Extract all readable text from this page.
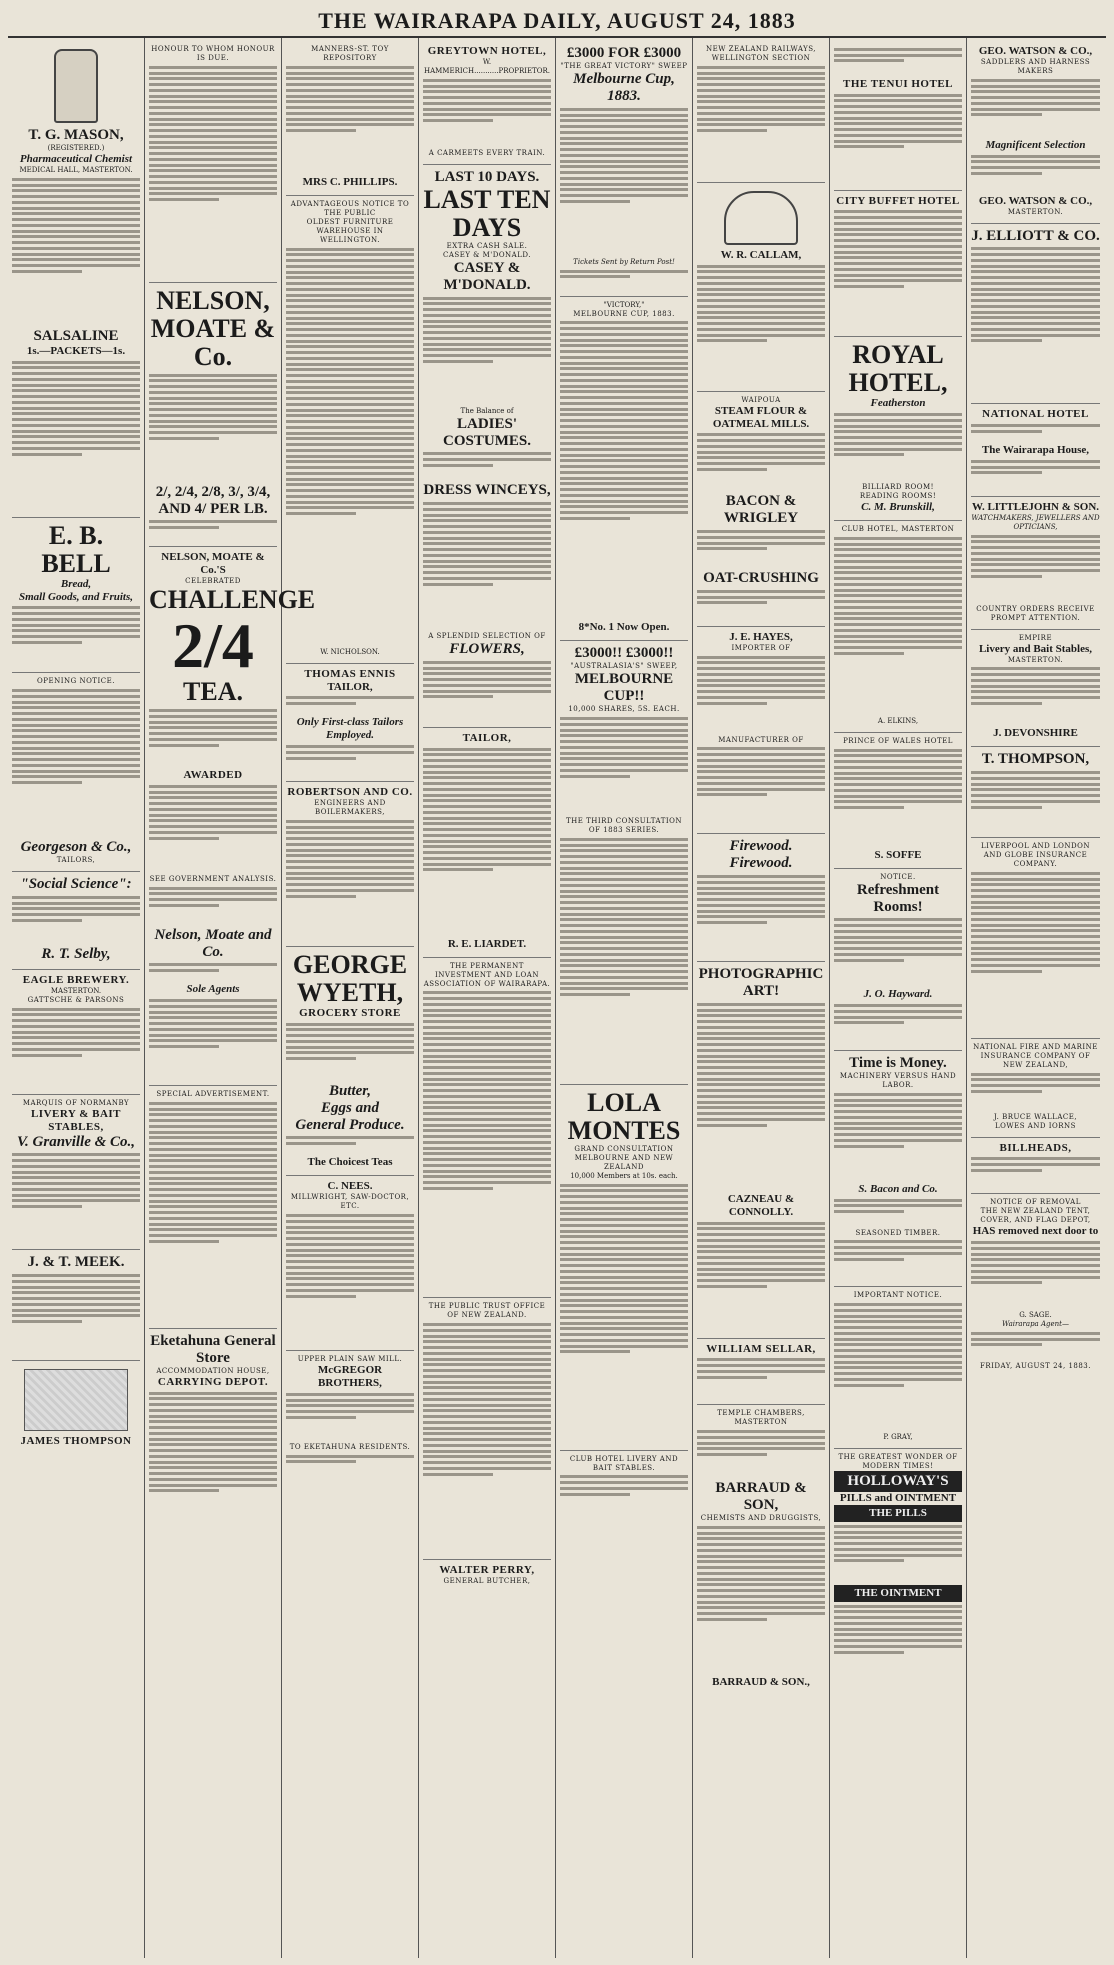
THE WAIRARAPA DAILY, AUGUST 24, 1883
T. G. MASON,
(REGISTERED.)
Pharmaceutical Chemist
MEDICAL HALL, MASTERTON.
SALSALINE
1s.—PACKETS—1s.
E. B. BELL
Bread,
Small Goods, and Fruits,
OPENING NOTICE.
Georgeson & Co.,
TAILORS,
"Social Science":
R. T. Selby,
EAGLE BREWERY.
MASTERTON.
GATTSCHE & PARSONS
MARQUIS OF NORMANBY
LIVERY & BAIT STABLES,
V. Granville & Co.,
J. & T. MEEK.
JAMES THOMPSON
HONOUR TO WHOM HONOUR IS DUE.
NELSON, MOATE & Co.
2/, 2/4, 2/8, 3/, 3/4, AND 4/ PER LB.
NELSON, MOATE & Co.'S
CELEBRATED
CHALLENGE
2/4
TEA.
AWARDED
SEE GOVERNMENT ANALYSIS.
Nelson, Moate and Co.
Sole Agents
SPECIAL ADVERTISEMENT.
Eketahuna General Store
ACCOMMODATION HOUSE,
CARRYING DEPOT.
MANNERS-ST. TOY REPOSITORY
MRS C. PHILLIPS.
ADVANTAGEOUS NOTICE TO THE PUBLIC
OLDEST FURNITURE WAREHOUSE IN WELLINGTON.
W. NICHOLSON.
THOMAS ENNIS
TAILOR,
Only First-class Tailors Employed.
ROBERTSON AND CO.
ENGINEERS AND BOILERMAKERS,
GEORGE WYETH,
GROCERY STORE
Butter,
Eggs and
General Produce.
The Choicest Teas
C. NEES.
MILLWRIGHT, SAW-DOCTOR, ETC.
UPPER PLAIN SAW MILL.
McGREGOR BROTHERS,
TO EKETAHUNA RESIDENTS.
GREYTOWN HOTEL,
W. HAMMERICH...........PROPRIETOR.
A CARMEETS EVERY TRAIN.
LAST 10 DAYS.
LAST TEN DAYS
EXTRA CASH SALE.
CASEY & M'DONALD.
CASEY & M'DONALD.
The Balance of
LADIES' COSTUMES.
DRESS WINCEYS,
A SPLENDID SELECTION OF
FLOWERS,
TAILOR,
R. E. LIARDET.
THE PERMANENT INVESTMENT AND LOAN ASSOCIATION OF WAIRARAPA.
THE PUBLIC TRUST OFFICE OF NEW ZEALAND.
WALTER PERRY,
GENERAL BUTCHER,
£3000 FOR £3000
"THE GREAT VICTORY" SWEEP
Melbourne Cup, 1883.
Tickets Sent by Return Post!
"VICTORY,"
MELBOURNE CUP, 1883.
8*No. 1 Now Open.
£3000!! £3000!!
"AUSTRALASIA'S" SWEEP,
MELBOURNE CUP!!
10,000 SHARES, 5S. EACH.
THE THIRD CONSULTATION OF 1883 SERIES.
LOLA MONTES
GRAND CONSULTATION
MELBOURNE AND NEW ZEALAND
10,000 Members at 10s. each.
CLUB HOTEL LIVERY AND BAIT STABLES.
NEW ZEALAND RAILWAYS,
WELLINGTON SECTION
W. R. CALLAM,
WAIPOUA
STEAM FLOUR & OATMEAL MILLS.
BACON & WRIGLEY
OAT-CRUSHING
J. E. HAYES,
IMPORTER OF
MANUFACTURER OF
Firewood. Firewood.
PHOTOGRAPHIC ART!
CAZNEAU & CONNOLLY.
WILLIAM SELLAR,
TEMPLE CHAMBERS, MASTERTON
BARRAUD & SON,
CHEMISTS AND DRUGGISTS,
BARRAUD & SON.,
THE TENUI HOTEL
CITY BUFFET HOTEL
ROYAL HOTEL,
Featherston
BILLIARD ROOM!
READING ROOMS!
C. M. Brunskill,
CLUB HOTEL, MASTERTON
A. ELKINS,
PRINCE OF WALES HOTEL
S. SOFFE
NOTICE.
Refreshment Rooms!
J. O. Hayward.
Time is Money.
MACHINERY VERSUS HAND LABOR.
S. Bacon and Co.
SEASONED TIMBER.
IMPORTANT NOTICE.
P. GRAY,
THE GREATEST WONDER OF MODERN TIMES!
HOLLOWAY'S
PILLS and OINTMENT
THE PILLS
THE OINTMENT
GEO. WATSON & CO.,
SADDLERS AND HARNESS MAKERS
Magnificent Selection
GEO. WATSON & CO.,
MASTERTON.
J. ELLIOTT & CO.
NATIONAL HOTEL
The Wairarapa House,
W. LITTLEJOHN & SON.
WATCHMAKERS, JEWELLERS AND OPTICIANS,
COUNTRY ORDERS RECEIVE PROMPT ATTENTION.
EMPIRE
Livery and Bait Stables,
MASTERTON.
J. DEVONSHIRE
T. THOMPSON,
LIVERPOOL AND LONDON AND GLOBE INSURANCE COMPANY.
NATIONAL FIRE AND MARINE INSURANCE COMPANY OF NEW ZEALAND,
J. BRUCE WALLACE,
LOWES AND IORNS
BILLHEADS,
NOTICE OF REMOVAL
THE NEW ZEALAND TENT, COVER, AND FLAG DEPOT,
HAS removed next door to
G. SAGE.
Wairarapa Agent—
FRIDAY, AUGUST 24, 1883.
